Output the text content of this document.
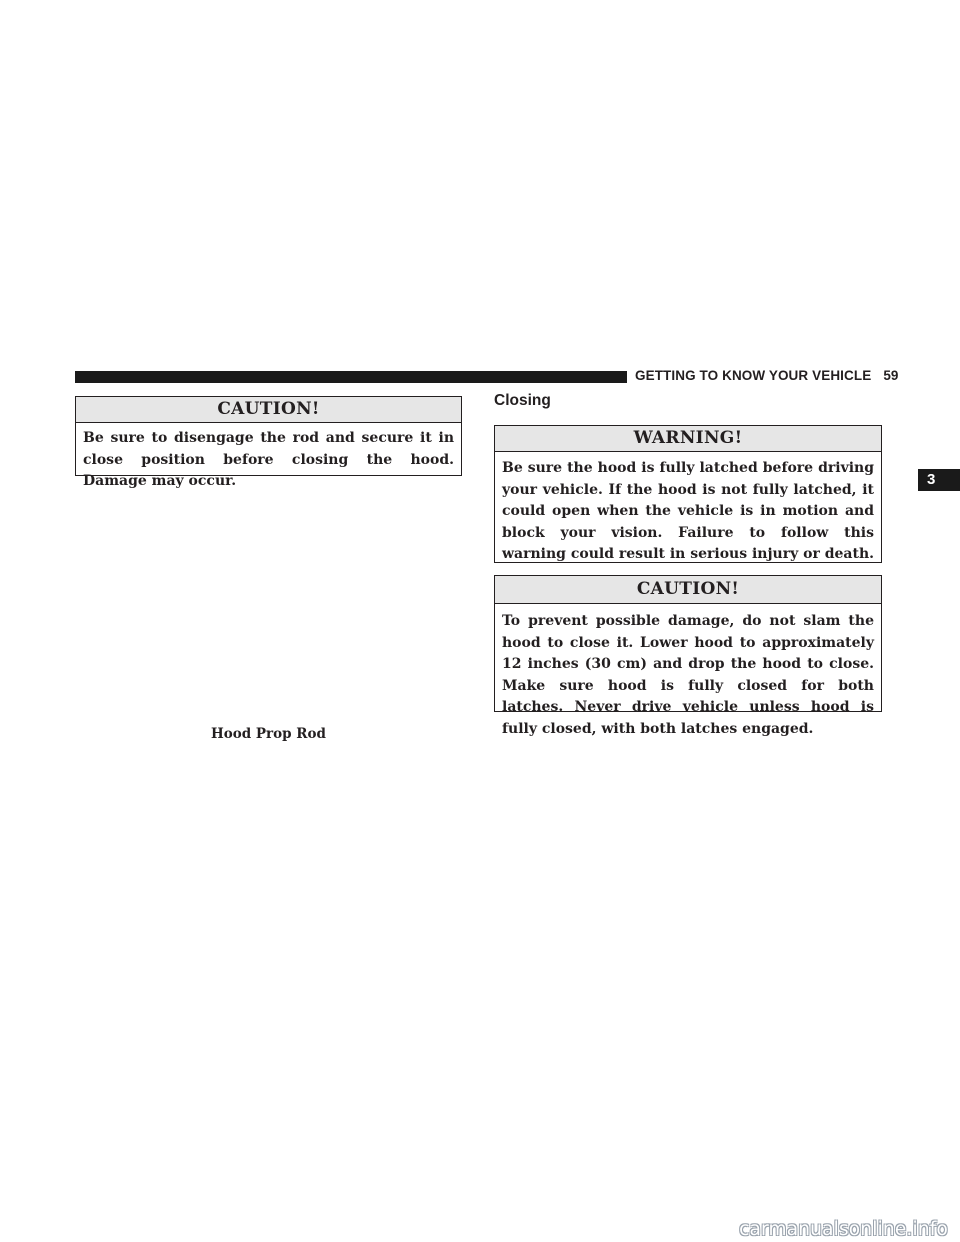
GETTING TO KNOW YOUR VEHICLE 59
CAUTION!
Be sure to disengage the rod and secure it in close position before closing the hood. Damage may occur.
Hood Prop Rod
Closing
WARNING!
Be sure the hood is fully latched before driving your vehicle. If the hood is not fully latched, it could open when the vehicle is in motion and block your vision. Failure to follow this warning could result in serious injury or death.
CAUTION!
To prevent possible damage, do not slam the hood to close it. Lower hood to approximately 12 inches (30 cm) and drop the hood to close. Make sure hood is fully closed for both latches. Never drive vehicle unless hood is fully closed, with both latches engaged.
3
carmanualsonline.info
